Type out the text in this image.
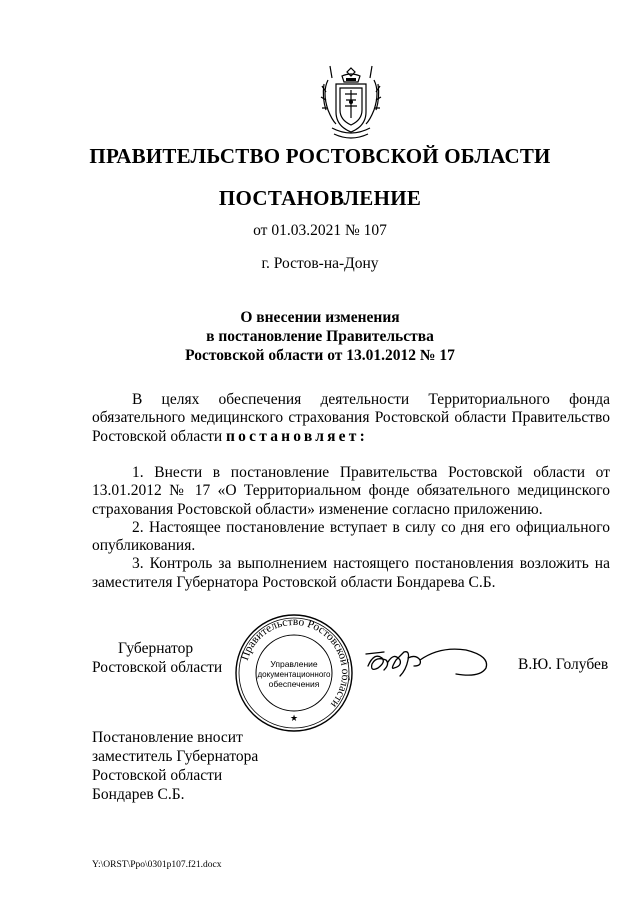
ПРАВИТЕЛЬСТВО РОСТОВСКОЙ ОБЛАСТИ
ПОСТАНОВЛЕНИЕ
от 01.03.2021 № 107
г. Ростов-на-Дону
О внесении изменения
в постановление Правительства
Ростовской области от 13.01.2012 № 17
В целях обеспечения деятельности Территориального фонда обязательного медицинского страхования Ростовской области Правительство Ростовской области постановляет:
1. Внести в постановление Правительства Ростовской области от 13.01.2012 № 17 «О Территориальном фонде обязательного медицинского страхования Ростовской области» изменение согласно приложению.
2. Настоящее постановление вступает в силу со дня его официального опубликования.
3. Контроль за выполнением настоящего постановления возложить на заместителя Губернатора Ростовской области Бондарева С.Б.
Губернатор
Ростовской области
Правительство Ростовской области
Управление
документационного
обеспечения
★
В.Ю. Голубев
Постановление вносит
заместитель Губернатора
Ростовской области
Бондарев С.Б.
Y:\ORST\Ppo\0301p107.f21.docx
